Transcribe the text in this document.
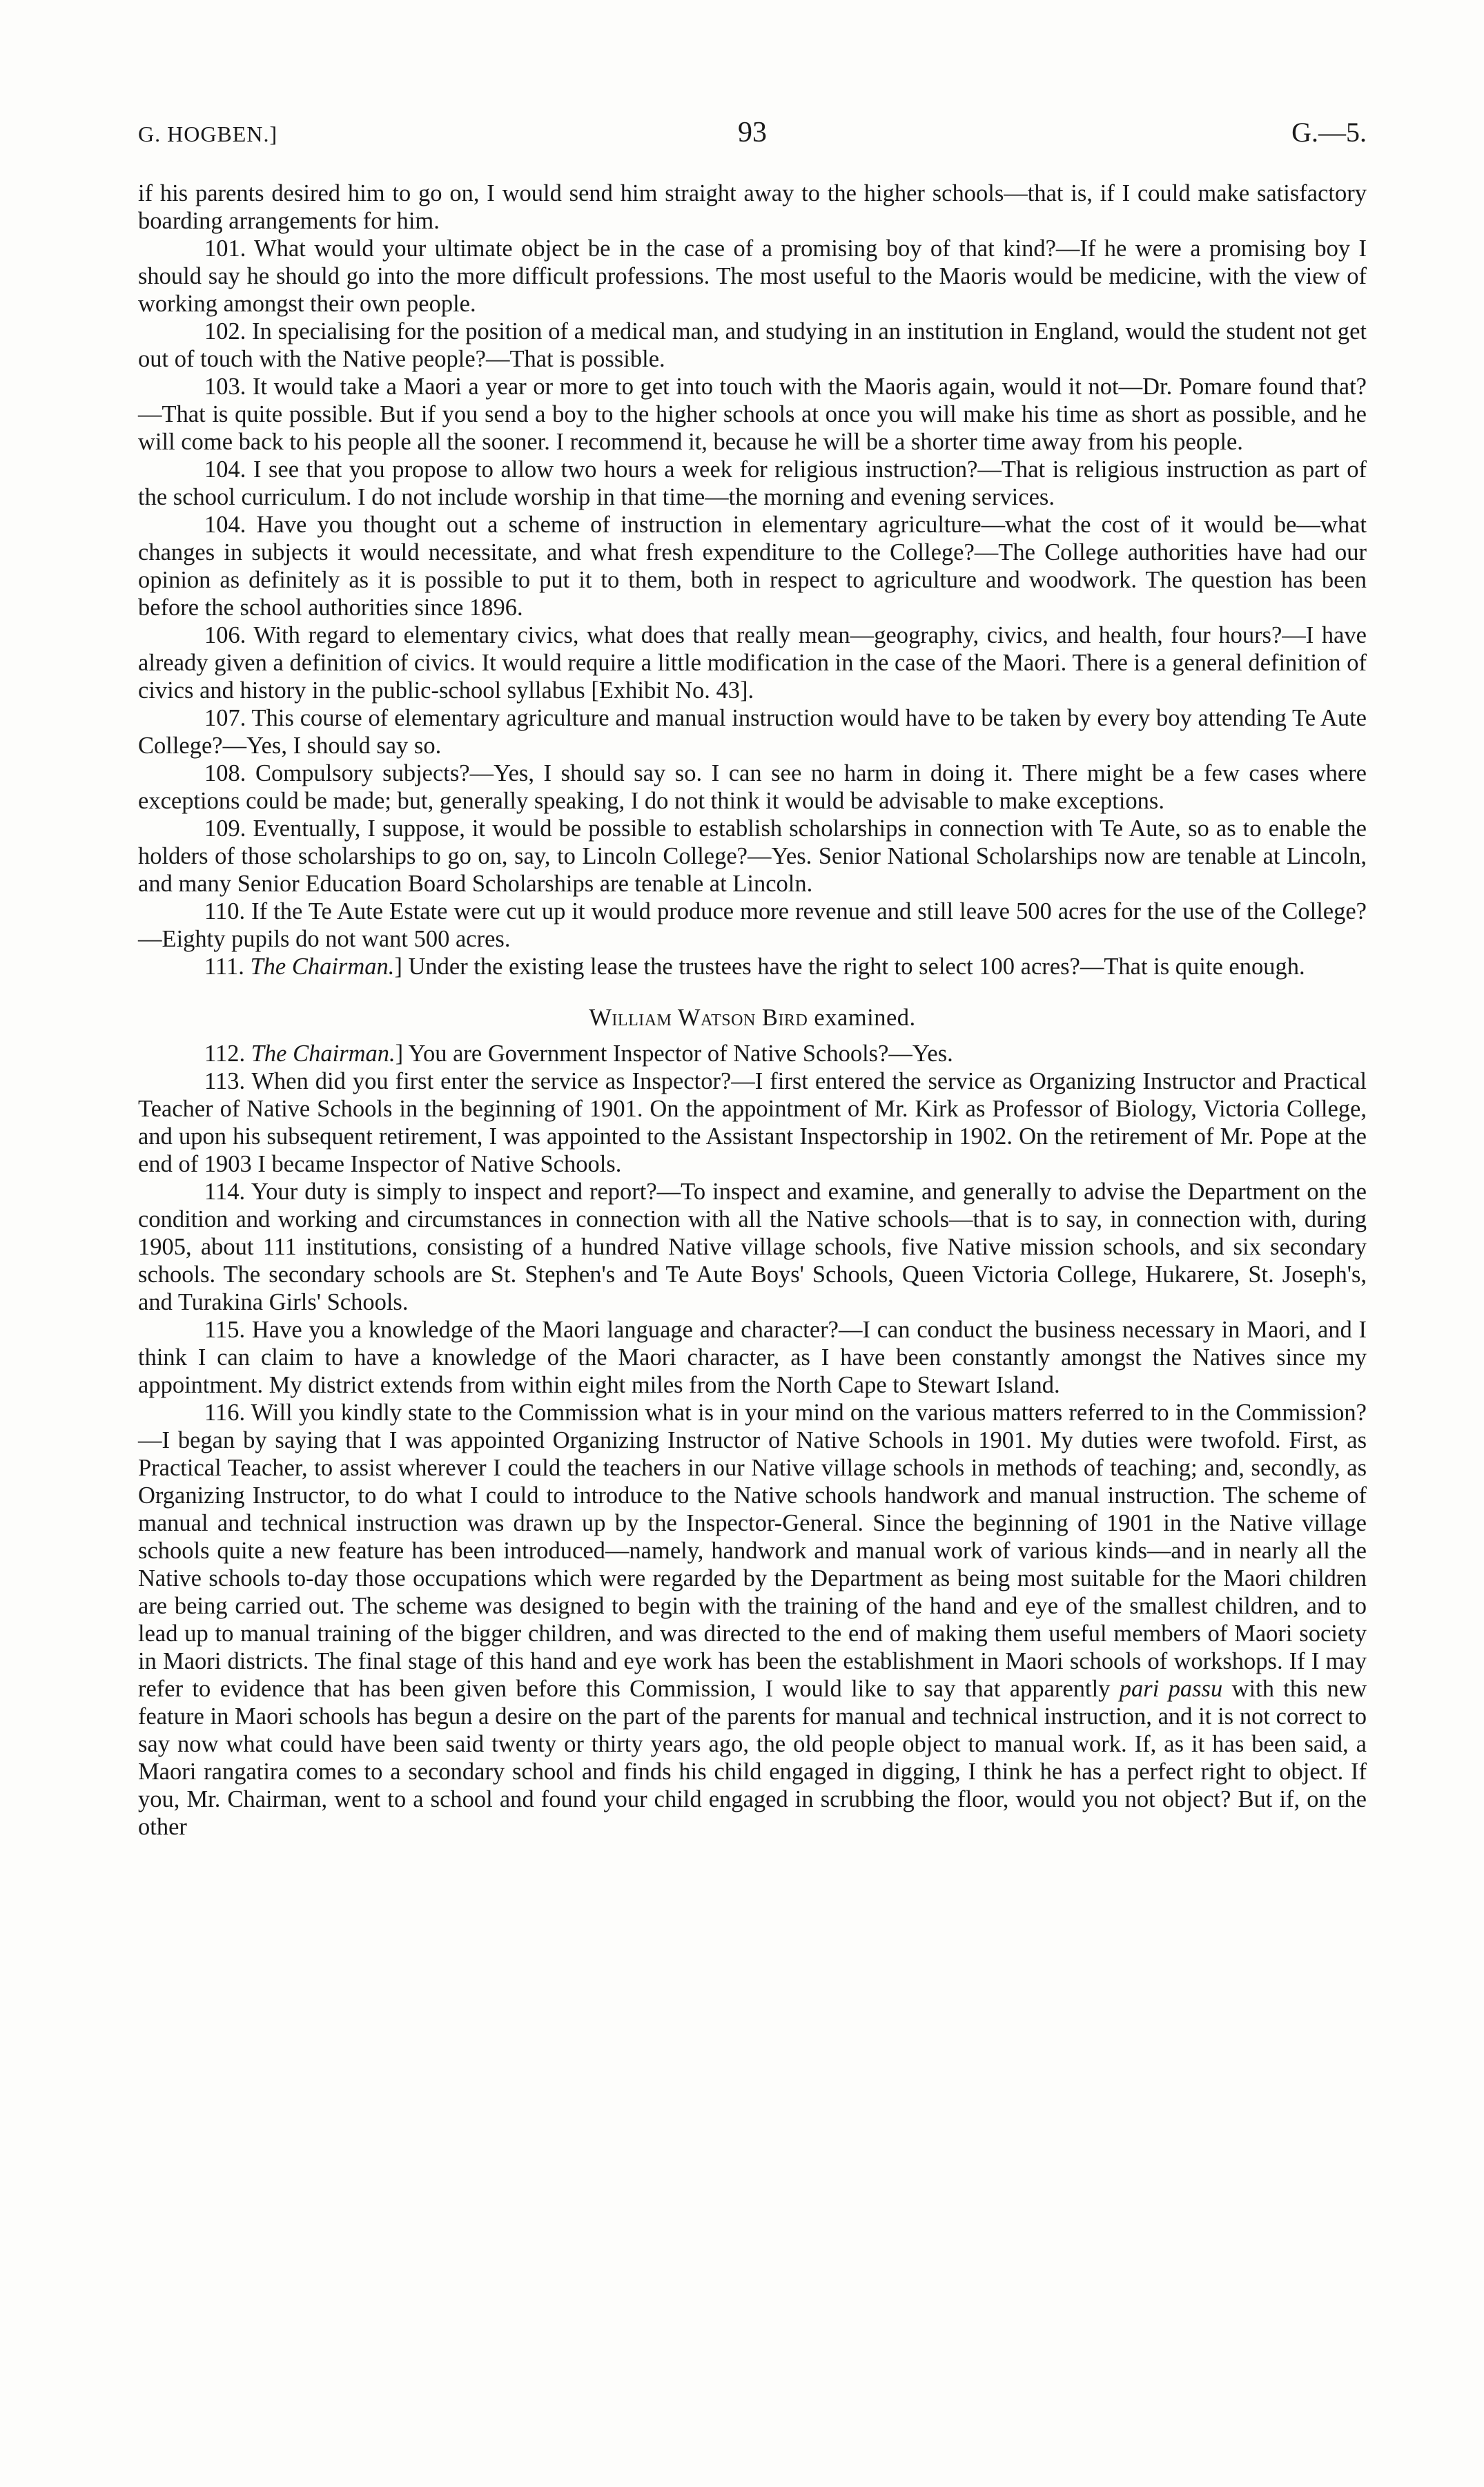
G. HOGBEN.]	93	G.—5.

if his parents desired him to go on, I would send him straight away to the higher schools—that is, if I could make satisfactory boarding arrangements for him.

101. What would your ultimate object be in the case of a promising boy of that kind?—If he were a promising boy I should say he should go into the more difficult professions. The most useful to the Maoris would be medicine, with the view of working amongst their own people.

102. In specialising for the position of a medical man, and studying in an institution in England, would the student not get out of touch with the Native people?—That is possible.

103. It would take a Maori a year or more to get into touch with the Maoris again, would it not—Dr. Pomare found that?—That is quite possible. But if you send a boy to the higher schools at once you will make his time as short as possible, and he will come back to his people all the sooner. I recommend it, because he will be a shorter time away from his people.

104. I see that you propose to allow two hours a week for religious instruction?—That is religious instruction as part of the school curriculum. I do not include worship in that time—the morning and evening services.

104. Have you thought out a scheme of instruction in elementary agriculture—what the cost of it would be—what changes in subjects it would necessitate, and what fresh expenditure to the College?—The College authorities have had our opinion as definitely as it is possible to put it to them, both in respect to agriculture and woodwork. The question has been before the school authorities since 1896.

106. With regard to elementary civics, what does that really mean—geography, civics, and health, four hours?—I have already given a definition of civics. It would require a little modification in the case of the Maori. There is a general definition of civics and history in the public-school syllabus [Exhibit No. 43].

107. This course of elementary agriculture and manual instruction would have to be taken by every boy attending Te Aute College?—Yes, I should say so.

108. Compulsory subjects?—Yes, I should say so. I can see no harm in doing it. There might be a few cases where exceptions could be made; but, generally speaking, I do not think it would be advisable to make exceptions.

109. Eventually, I suppose, it would be possible to establish scholarships in connection with Te Aute, so as to enable the holders of those scholarships to go on, say, to Lincoln College?—Yes. Senior National Scholarships now are tenable at Lincoln, and many Senior Education Board Scholarships are tenable at Lincoln.

110. If the Te Aute Estate were cut up it would produce more revenue and still leave 500 acres for the use of the College?—Eighty pupils do not want 500 acres.

111. The Chairman.] Under the existing lease the trustees have the right to select 100 acres?—That is quite enough.

William Watson Bird examined.

112. The Chairman.] You are Government Inspector of Native Schools?—Yes.

113. When did you first enter the service as Inspector?—I first entered the service as Organizing Instructor and Practical Teacher of Native Schools in the beginning of 1901. On the appointment of Mr. Kirk as Professor of Biology, Victoria College, and upon his subsequent retirement, I was appointed to the Assistant Inspectorship in 1902. On the retirement of Mr. Pope at the end of 1903 I became Inspector of Native Schools.

114. Your duty is simply to inspect and report?—To inspect and examine, and generally to advise the Department on the condition and working and circumstances in connection with all the Native schools—that is to say, in connection with, during 1905, about 111 institutions, consisting of a hundred Native village schools, five Native mission schools, and six secondary schools. The secondary schools are St. Stephen's and Te Aute Boys' Schools, Queen Victoria College, Hukarere, St. Joseph's, and Turakina Girls' Schools.

115. Have you a knowledge of the Maori language and character?—I can conduct the business necessary in Maori, and I think I can claim to have a knowledge of the Maori character, as I have been constantly amongst the Natives since my appointment. My district extends from within eight miles from the North Cape to Stewart Island.

116. Will you kindly state to the Commission what is in your mind on the various matters referred to in the Commission?—I began by saying that I was appointed Organizing Instructor of Native Schools in 1901. My duties were twofold. First, as Practical Teacher, to assist wherever I could the teachers in our Native village schools in methods of teaching; and, secondly, as Organizing Instructor, to do what I could to introduce to the Native schools handwork and manual instruction. The scheme of manual and technical instruction was drawn up by the Inspector-General. Since the beginning of 1901 in the Native village schools quite a new feature has been introduced—namely, handwork and manual work of various kinds—and in nearly all the Native schools to-day those occupations which were regarded by the Department as being most suitable for the Maori children are being carried out. The scheme was designed to begin with the training of the hand and eye of the smallest children, and to lead up to manual training of the bigger children, and was directed to the end of making them useful members of Maori society in Maori districts. The final stage of this hand and eye work has been the establishment in Maori schools of workshops. If I may refer to evidence that has been given before this Commission, I would like to say that apparently pari passu with this new feature in Maori schools has begun a desire on the part of the parents for manual and technical instruction, and it is not correct to say now what could have been said twenty or thirty years ago, the old people object to manual work. If, as it has been said, a Maori rangatira comes to a secondary school and finds his child engaged in digging, I think he has a perfect right to object. If you, Mr. Chairman, went to a school and found your child engaged in scrubbing the floor, would you not object? But if, on the other
